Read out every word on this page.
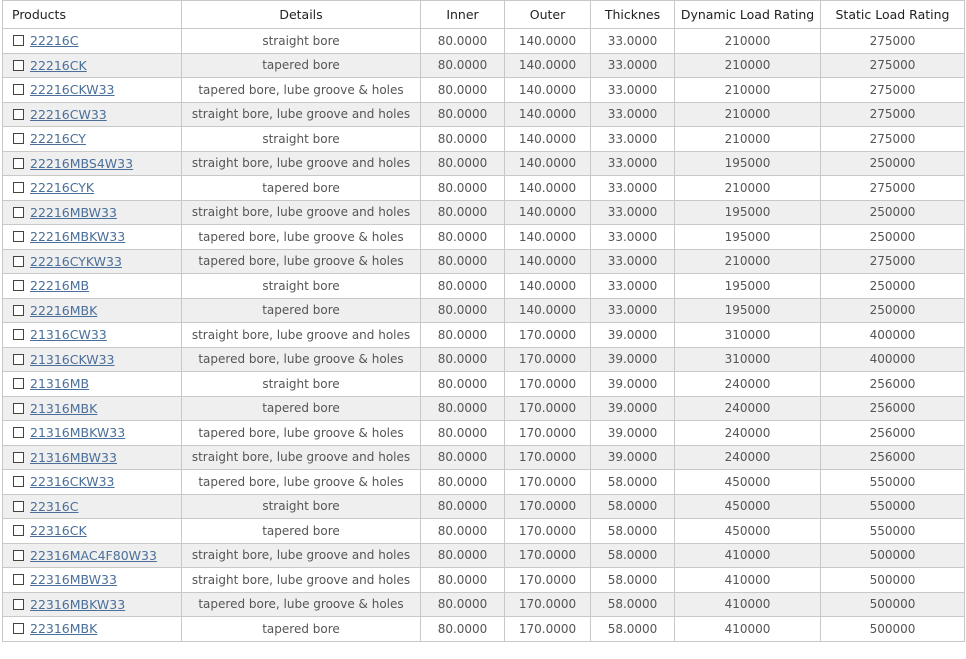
Products	Details	Inner	Outer	Thicknes	Dynamic Load Rating	Static Load Rating
22216C	straight bore	80.0000	140.0000	33.0000	210000	275000
22216CK	tapered bore	80.0000	140.0000	33.0000	210000	275000
22216CKW33	tapered bore, lube groove & holes	80.0000	140.0000	33.0000	210000	275000
22216CW33	straight bore, lube groove and holes	80.0000	140.0000	33.0000	210000	275000
22216CY	straight bore	80.0000	140.0000	33.0000	210000	275000
22216MBS4W33	straight bore, lube groove and holes	80.0000	140.0000	33.0000	195000	250000
22216CYK	tapered bore	80.0000	140.0000	33.0000	210000	275000
22216MBW33	straight bore, lube groove and holes	80.0000	140.0000	33.0000	195000	250000
22216MBKW33	tapered bore, lube groove & holes	80.0000	140.0000	33.0000	195000	250000
22216CYKW33	tapered bore, lube groove & holes	80.0000	140.0000	33.0000	210000	275000
22216MB	straight bore	80.0000	140.0000	33.0000	195000	250000
22216MBK	tapered bore	80.0000	140.0000	33.0000	195000	250000
21316CW33	straight bore, lube groove and holes	80.0000	170.0000	39.0000	310000	400000
21316CKW33	tapered bore, lube groove & holes	80.0000	170.0000	39.0000	310000	400000
21316MB	straight bore	80.0000	170.0000	39.0000	240000	256000
21316MBK	tapered bore	80.0000	170.0000	39.0000	240000	256000
21316MBKW33	tapered bore, lube groove & holes	80.0000	170.0000	39.0000	240000	256000
21316MBW33	straight bore, lube groove and holes	80.0000	170.0000	39.0000	240000	256000
22316CKW33	tapered bore, lube groove & holes	80.0000	170.0000	58.0000	450000	550000
22316C	straight bore	80.0000	170.0000	58.0000	450000	550000
22316CK	tapered bore	80.0000	170.0000	58.0000	450000	550000
22316MAC4F80W33	straight bore, lube groove and holes	80.0000	170.0000	58.0000	410000	500000
22316MBW33	straight bore, lube groove and holes	80.0000	170.0000	58.0000	410000	500000
22316MBKW33	tapered bore, lube groove & holes	80.0000	170.0000	58.0000	410000	500000
22316MBK	tapered bore	80.0000	170.0000	58.0000	410000	500000
